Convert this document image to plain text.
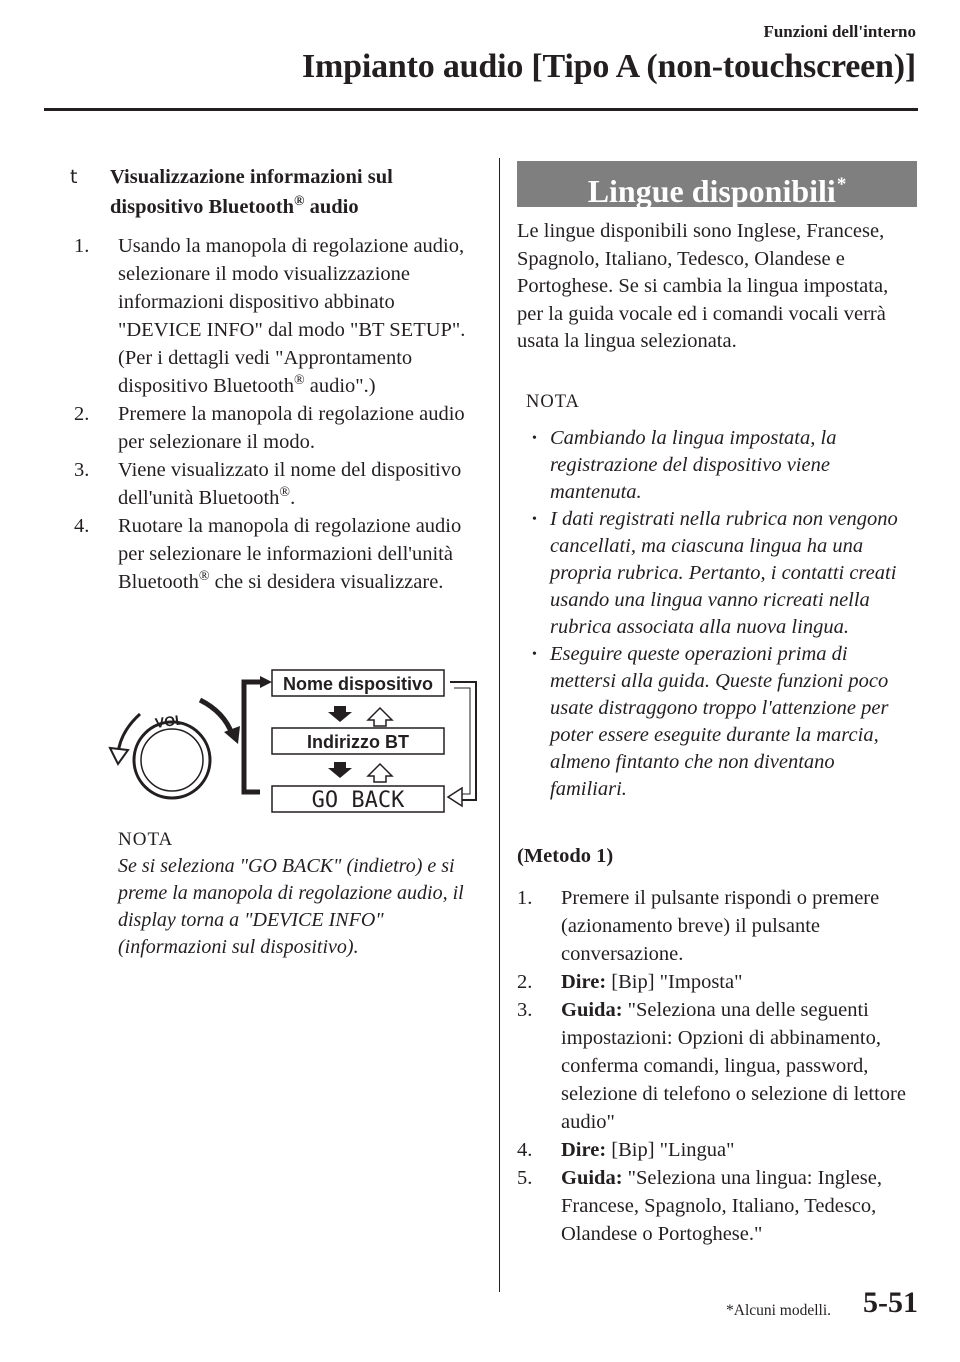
Funzioni dell'interno
Impianto audio [Tipo A (non-touchscreen)]
t	Visualizzazione informazioni sul
dispositivo Bluetooth® audio
1. Usando la manopola di regolazione audio, selezionare il modo visualizzazione informazioni dispositivo abbinato "DEVICE INFO" dal modo "BT SETUP". (Per i dettagli vedi "Approntamento dispositivo Bluetooth® audio".)
2. Premere la manopola di regolazione audio per selezionare il modo.
3. Viene visualizzato il nome del dispositivo dell'unità Bluetooth®.
4. Ruotare la manopola di regolazione audio per selezionare le informazioni dell'unità Bluetooth® che si desidera visualizzare.
VOL
Nome dispositivo
Indirizzo BT
GO BACK
NOTA
Se si seleziona "GO BACK" (indietro) e si preme la manopola di regolazione audio, il display torna a "DEVICE INFO" (informazioni sul dispositivo).
Lingue disponibili*
Le lingue disponibili sono Inglese, Francese, Spagnolo, Italiano, Tedesco, Olandese e Portoghese. Se si cambia la lingua impostata, per la guida vocale ed i comandi vocali verrà usata la lingua selezionata.
NOTA
• Cambiando la lingua impostata, la registrazione del dispositivo viene mantenuta.
• I dati registrati nella rubrica non vengono cancellati, ma ciascuna lingua ha una propria rubrica. Pertanto, i contatti creati usando una lingua vanno ricreati nella rubrica associata alla nuova lingua.
• Eseguire queste operazioni prima di mettersi alla guida. Queste funzioni poco usate distraggono troppo l'attenzione per poter essere eseguite durante la marcia, almeno fintanto che non diventano familiari.
(Metodo 1)
1. Premere il pulsante rispondi o premere (azionamento breve) il pulsante conversazione.
2. Dire: [Bip] "Imposta"
3. Guida: "Seleziona una delle seguenti impostazioni: Opzioni di abbinamento, conferma comandi, lingua, password, selezione di telefono o selezione di lettore audio"
4. Dire: [Bip] "Lingua"
5. Guida: "Seleziona una lingua: Inglese, Francese, Spagnolo, Italiano, Tedesco, Olandese o Portoghese."
*Alcuni modelli.	5-51
